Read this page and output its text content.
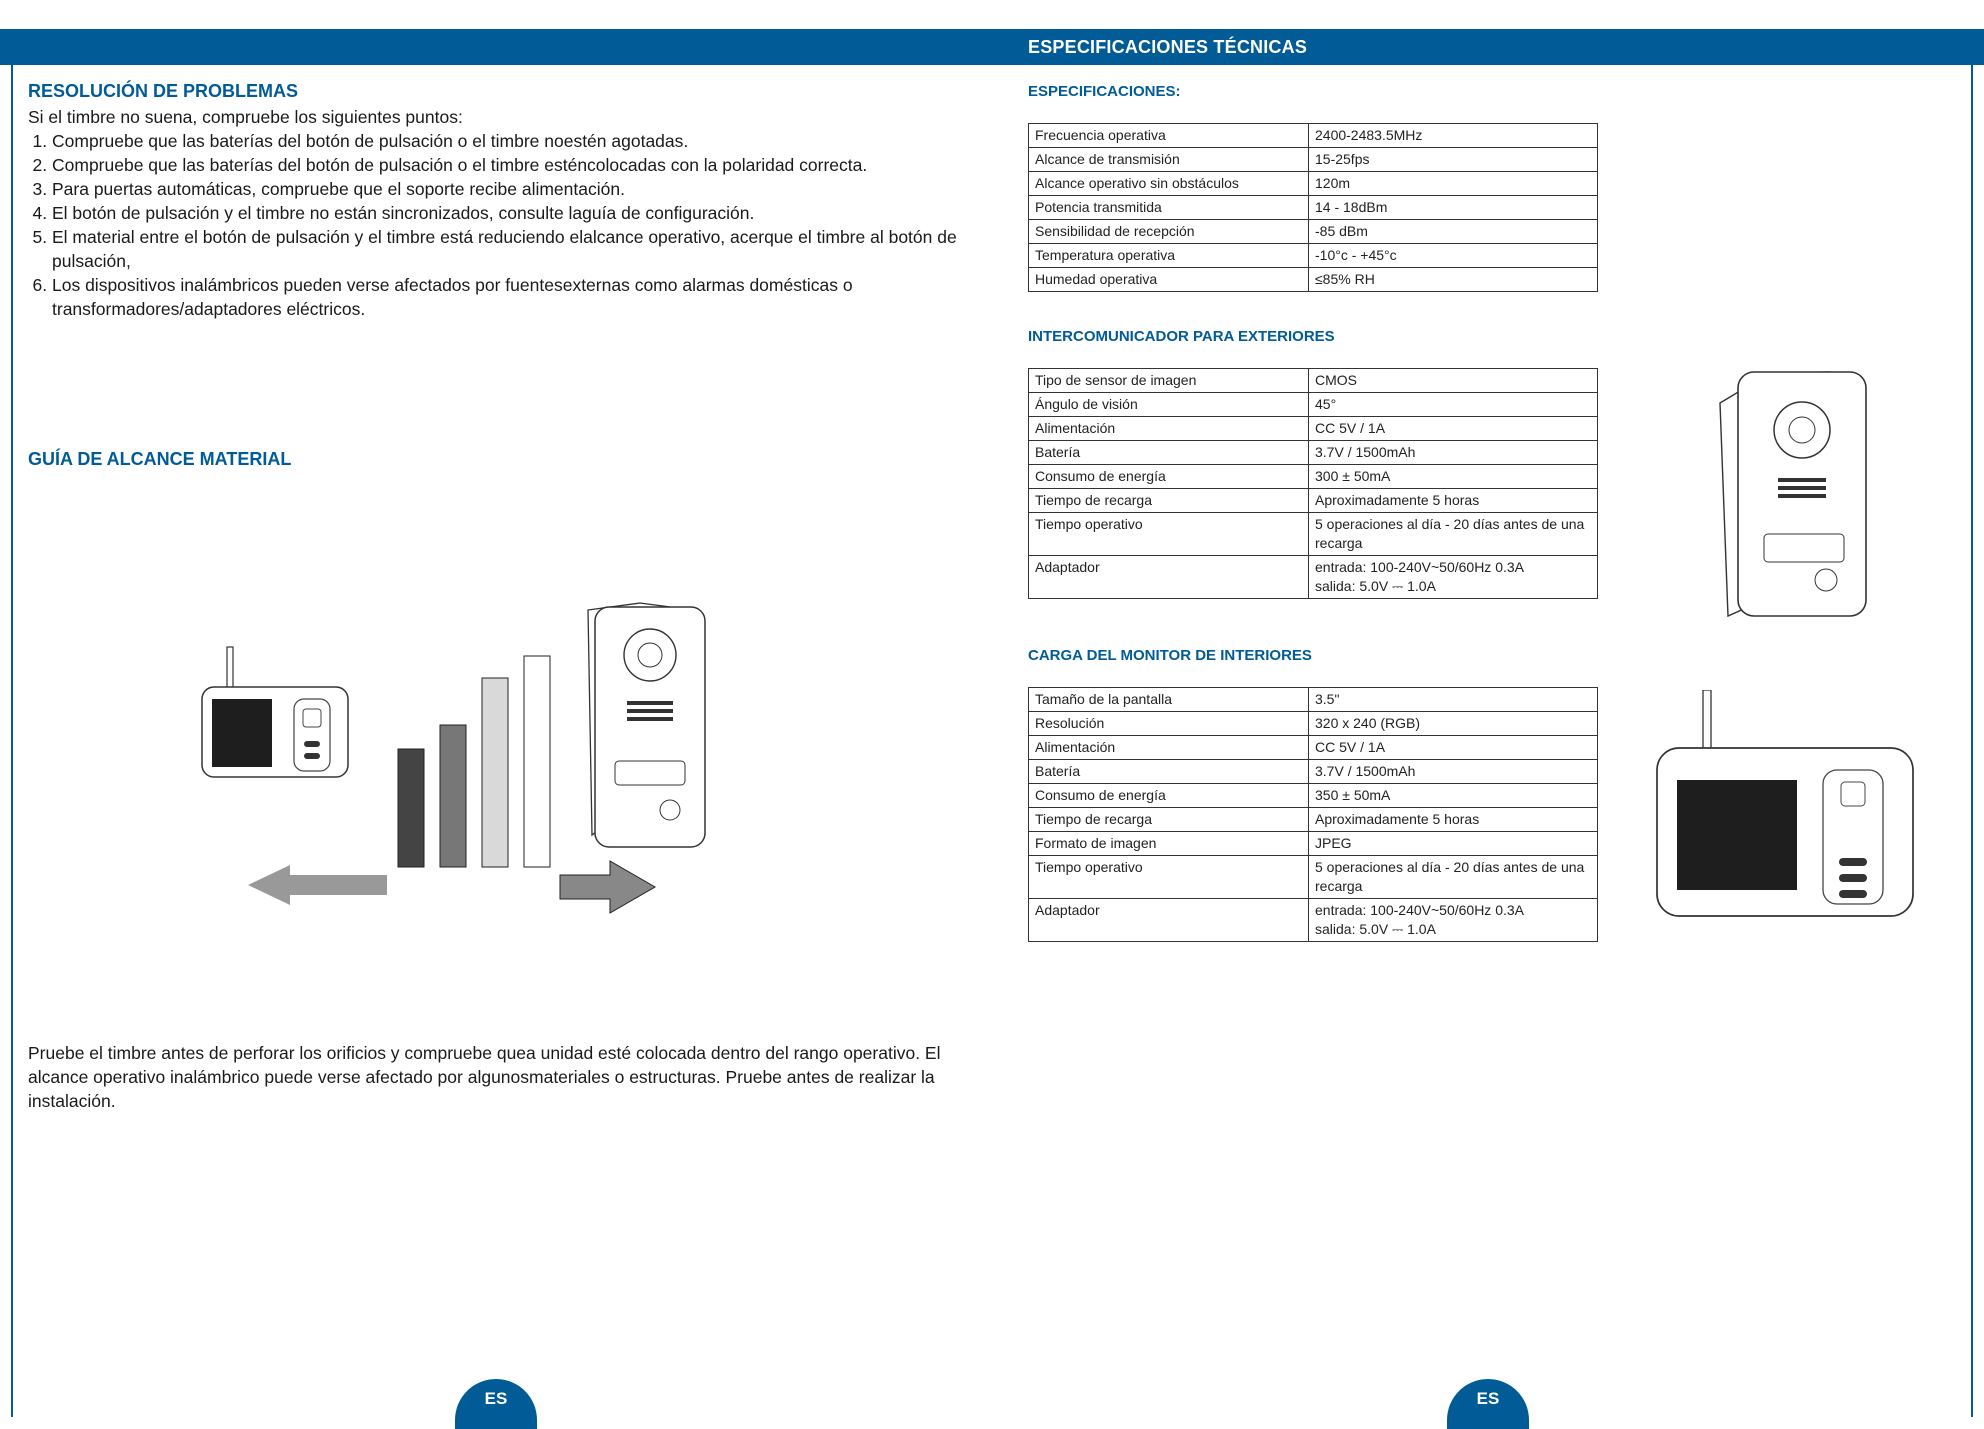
ESPECIFICACIONES TÉCNICAS
RESOLUCIÓN DE PROBLEMAS

Si el timbre no suena, compruebe los siguientes puntos:

1. Compruebe que las baterías del botón de pulsación o el timbre noestén agotadas.
2. Compruebe que las baterías del botón de pulsación o el timbre esténcolocadas con la polaridad correcta.
3. Para puertas automáticas, compruebe que el soporte recibe alimentación.
4. El botón de pulsación y el timbre no están sincronizados, consulte laguía de configuración.
5. El material entre el botón de pulsación y el timbre está reduciendo elalcance operativo, acerque el timbre al botón de pulsación,
6. Los dispositivos inalámbricos pueden verse afectados por fuentesexternas como alarmas domésticas o transformadores/adaptadores eléctricos.
GUÍA DE ALCANCE MATERIAL

Pruebe el timbre antes de perforar los orificios y compruebe quea unidad esté colocada dentro del rango operativo. El alcance operativo inalámbrico puede verse afectado por algunosmateriales o estructuras. Pruebe antes de realizar la instalación.

ESPECIFICACIONES:
Frecuencia operativa	2400-2483.5MHz
Alcance de transmisión	15-25fps
Alcance operativo sin obstáculos	120m
Potencia transmitida	14 - 18dBm
Sensibilidad de recepción	-85 dBm
Temperatura operativa	-10°c - +45°c
Humedad operativa	≤85% RH
INTERCOMUNICADOR PARA EXTERIORES
Tipo de sensor de imagen	CMOS
Ángulo de visión	45°
Alimentación	CC 5V / 1A
Batería	3.7V / 1500mAh
Consumo de energía	300 ± 50mA
Tiempo de recarga	Aproximadamente 5 horas
Tiempo operativo	5 operaciones al día - 20 días antes de una recarga
Adaptador	entrada: 100-240V~50/60Hz 0.3A
salida: 5.0V ⎓ 1.0A
CARGA DEL MONITOR DE INTERIORES
Tamaño de la pantalla	3.5"
Resolución	320 x 240 (RGB)
Alimentación	CC 5V / 1A
Batería	3.7V / 1500mAh
Consumo de energía	350 ± 50mA
Tiempo de recarga	Aproximadamente 5 horas
Formato de imagen	JPEG
Tiempo operativo	5 operaciones al día - 20 días antes de una recarga
Adaptador	entrada: 100-240V~50/60Hz 0.3A
salida: 5.0V ⎓ 1.0A
ES	ES
